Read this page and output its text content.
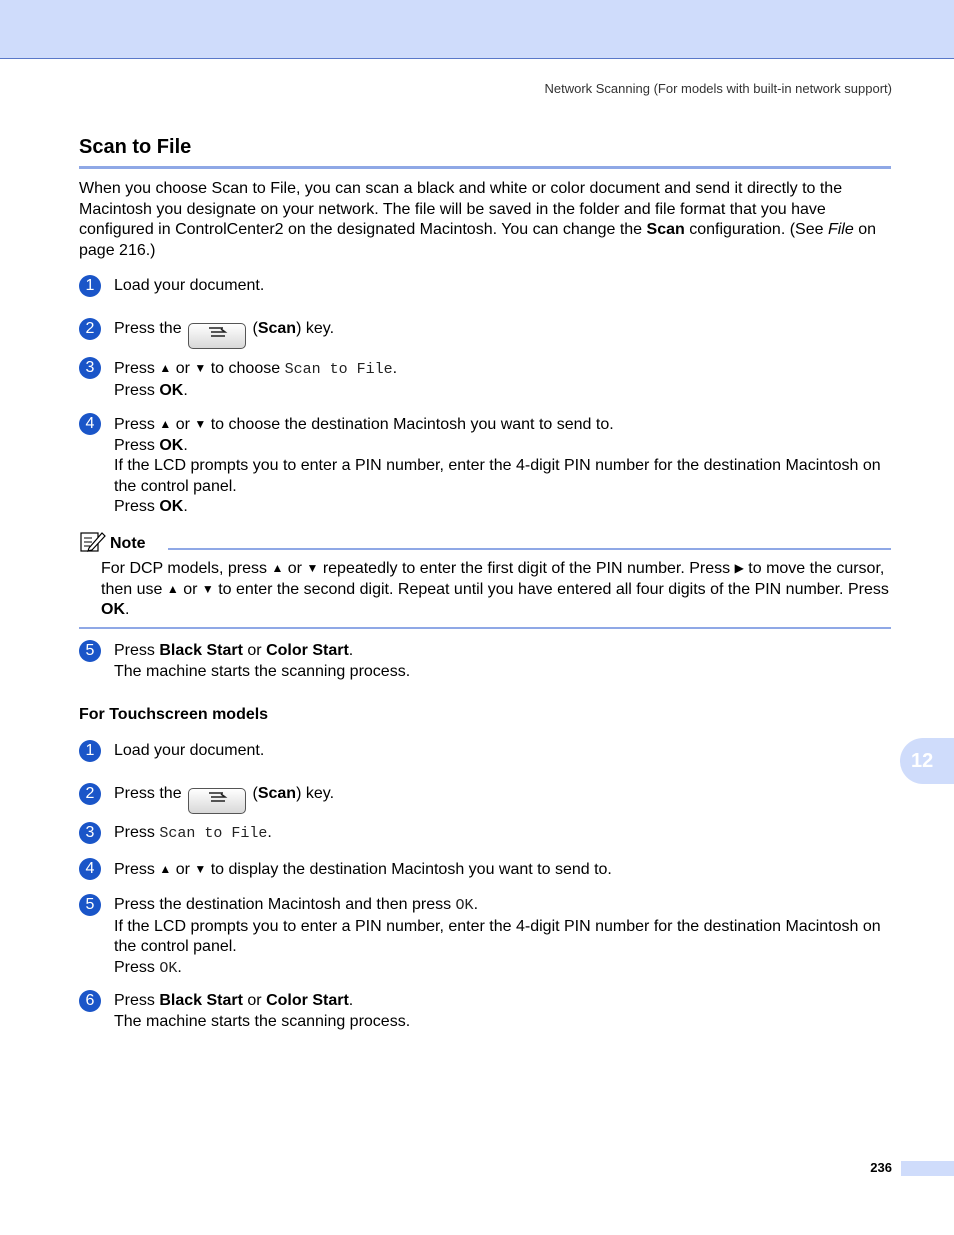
Network Scanning (For models with built-in network support)
Scan to File
When you choose Scan to File, you can scan a black and white or color document and send it directly to the Macintosh you designate on your network. The file will be saved in the folder and file format that you have configured in ControlCenter2 on the designated Macintosh. You can change the Scan configuration. (See File on page 216.)
1	Load your document.
2	Press the	(Scan) key.
3	Press ▲ or ▼ to choose Scan to File.
Press OK.
4	Press ▲ or ▼ to choose the destination Macintosh you want to send to.
Press OK.
If the LCD prompts you to enter a PIN number, enter the 4-digit PIN number for the destination Macintosh on the control panel.
Press OK.
Note
For DCP models, press ▲ or ▼ repeatedly to enter the first digit of the PIN number. Press ▶ to move the cursor, then use ▲ or ▼ to enter the second digit. Repeat until you have entered all four digits of the PIN number. Press OK.
5	Press Black Start or Color Start.
The machine starts the scanning process.
For Touchscreen models
1	Load your document.
2	Press the	(Scan) key.
3	Press Scan to File.
4	Press ▲ or ▼ to display the destination Macintosh you want to send to.
5	Press the destination Macintosh and then press OK.
If the LCD prompts you to enter a PIN number, enter the 4-digit PIN number for the destination Macintosh on the control panel.
Press OK.
6	Press Black Start or Color Start.
The machine starts the scanning process.
12
236
